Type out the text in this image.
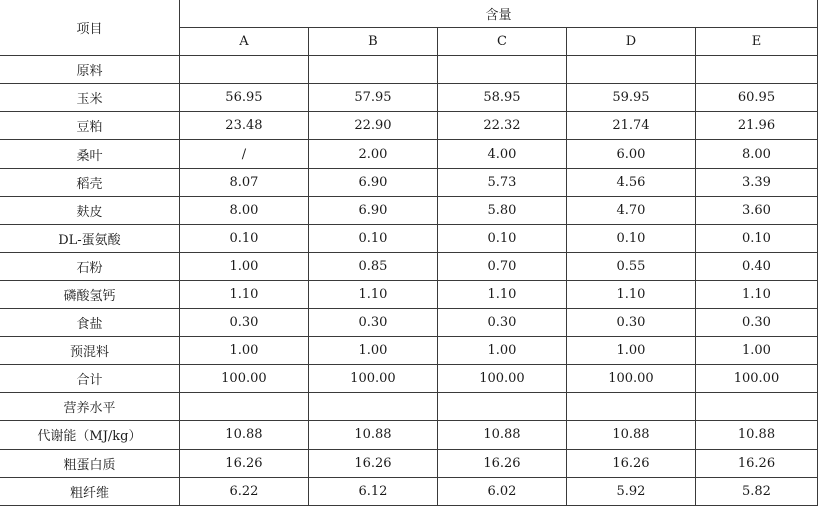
项目	含量				
	A	B	C	D	E
原料					
玉米	56.95	57.95	58.95	59.95	60.95
豆粕	23.48	22.90	22.32	21.74	21.96
桑叶	/	2.00	4.00	6.00	8.00
稻壳	8.07	6.90	5.73	4.56	3.39
麸皮	8.00	6.90	5.80	4.70	3.60
DL-蛋氨酸	0.10	0.10	0.10	0.10	0.10
石粉	1.00	0.85	0.70	0.55	0.40
磷酸氢钙	1.10	1.10	1.10	1.10	1.10
食盐	0.30	0.30	0.30	0.30	0.30
预混料	1.00	1.00	1.00	1.00	1.00
合计	100.00	100.00	100.00	100.00	100.00
营养水平					
代谢能（MJ/kg）	10.88	10.88	10.88	10.88	10.88
粗蛋白质	16.26	16.26	16.26	16.26	16.26
粗纤维	6.22	6.12	6.02	5.92	5.82
